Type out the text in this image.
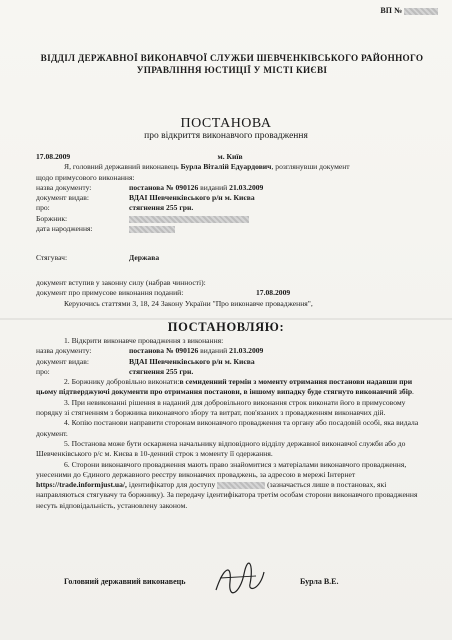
ВП №
ВІДДІЛ ДЕРЖАВНОЇ ВИКОНАВЧОЇ СЛУЖБИ ШЕВЧЕНКІВСЬКОГО РАЙОННОГО
УПРАВЛІННЯ ЮСТИЦІЇ У МІСТІ КИЄВІ
ПОСТАНОВА
про відкриття виконавчого провадження
17.08.2009	м. Київ
Я, головний державний виконавець Бурла Віталій Едуардович, розглянувши документ
щодо примусового виконання:
назва документу:	постанова № 090126
виданий
21.03.2009
документ видав:	ВДАІ Шевченківського р/н м. Києва
про:	стягнення 255 грн.
Боржник:
дата народження:
Стягувач:	Держава
документ вступив у законну силу (набрав чинності):
документ про примусове виконання поданий:	17.08.2009
Керуючись статтями 3, 18, 24 Закону України "Про виконавче провадження",
ПОСТАНОВЛЯЮ:
1. Відкрити виконавче провадження з виконання:
назва документу:	постанова № 090126
виданий
21.03.2009
документ видав:	ВДАІ Шевченківського р/н м. Києва
про:	стягнення 255 грн.
2. Боржнику добровільно виконати:в семиденний термін з моменту отримання постанови надавши при цьому підтверджуючі документи про отримання постанови, в іншому випадку буде стягнуто виконавчий збір.
3. При невиконанні рішення в наданий для добровільного виконання строк виконати його в примусовому порядку зі стягненням з боржника виконавчого збору та витрат, пов'язаних з провадженням виконавчих дій.
4. Копію постанови направити сторонам виконавчого провадження та органу або посадовій особі, яка видала документ.
5. Постанова може бути оскаржена начальнику відповідного відділу державної виконавчої служби або до Шевченківського р/с м. Києва в 10-денний строк з моменту її одержання.
6. Сторони виконавчого провадження мають право знайомитися з матеріалами виконавчого провадження, унесеними до Єдиного державного реєстру виконавчих проваджень, за адресою в мережі Інтернет https://trade.informjust.ua/, ідентифікатор для доступу	(зазначається лише в постановах, які направляються стягувачу та боржнику). За передачу ідентифікатора третім особам сторони виконавчого провадження несуть відповідальність, установлену законом.
Головний державний виконавець	Бурла В.Е.
